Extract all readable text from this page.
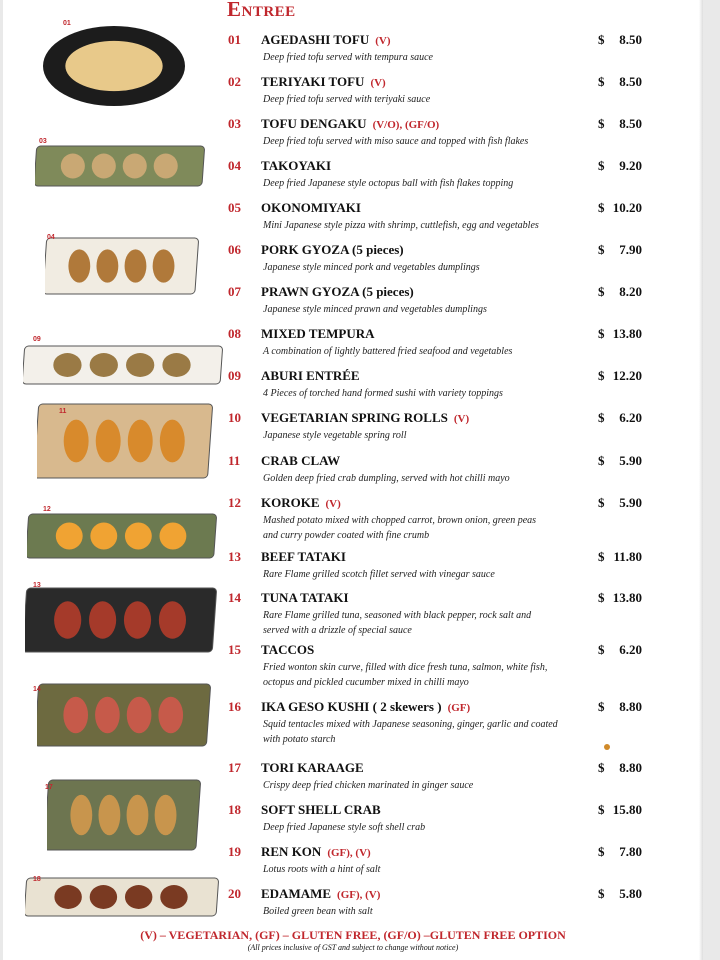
Entree
01	AGEDASHI TOFU (V)	$ 8.50
Deep fried tofu served with tempura sauce
02	TERIYAKI TOFU (V)	$ 8.50
Deep fried tofu served with teriyaki sauce
03	TOFU DENGAKU (V/O), (GF/O)	$ 8.50
Deep fried tofu served with miso sauce and topped with fish flakes
04	TAKOYAKI	$ 9.20
Deep fried Japanese style octopus ball with fish flakes topping
05	OKONOMIYAKI	$ 10.20
Mini Japanese style pizza with shrimp, cuttlefish, egg and vegetables
06	PORK GYOZA (5 pieces)	$ 7.90
Japanese style minced pork and vegetables dumplings
07	PRAWN GYOZA (5 pieces)	$ 8.20
Japanese style minced prawn and vegetables dumplings
08	MIXED TEMPURA	$ 13.80
A combination of lightly battered fried seafood and vegetables
09	ABURI ENTRÉE	$ 12.20
4 Pieces of torched hand formed sushi with variety toppings
10	VEGETARIAN SPRING ROLLS (V)	$ 6.20
Japanese style vegetable spring roll
11	CRAB CLAW	$ 5.90
Golden deep fried crab dumpling, served with hot chilli mayo
12	KOROKE (V)	$ 5.90
Mashed potato mixed with chopped carrot, brown onion, green peas
and curry powder coated with fine crumb
13	BEEF TATAKI	$ 11.80
Rare Flame grilled scotch fillet served with vinegar sauce
14	TUNA TATAKI	$ 13.80
Rare Flame grilled tuna, seasoned with black pepper, rock salt and
served with a drizzle of special sauce
15	TACCOS	$ 6.20
Fried wonton skin curve, filled with dice fresh tuna, salmon, white fish,
octopus and pickled cucumber mixed in chilli mayo
16	IKA GESO KUSHI ( 2 skewers ) (GF)	$ 8.80
Squid tentacles mixed with Japanese seasoning, ginger, garlic and coated
with potato starch
17	TORI KARAAGE	$ 8.80
Crispy deep fried chicken marinated in ginger sauce
18	SOFT SHELL CRAB	$ 15.80
Deep fried Japanese style soft shell crab
19	REN KON (GF), (V)	$ 7.80
Lotus roots with a hint of salt
20	EDAMAME (GF), (V)	$ 5.80
Boiled green bean with salt
01
03
04
09
11
12
13
14
17
18
(V) – VEGETARIAN, (GF) – GLUTEN FREE, (GF/O) –GLUTEN FREE OPTION
(All prices inclusive of GST and subject to change without notice)
